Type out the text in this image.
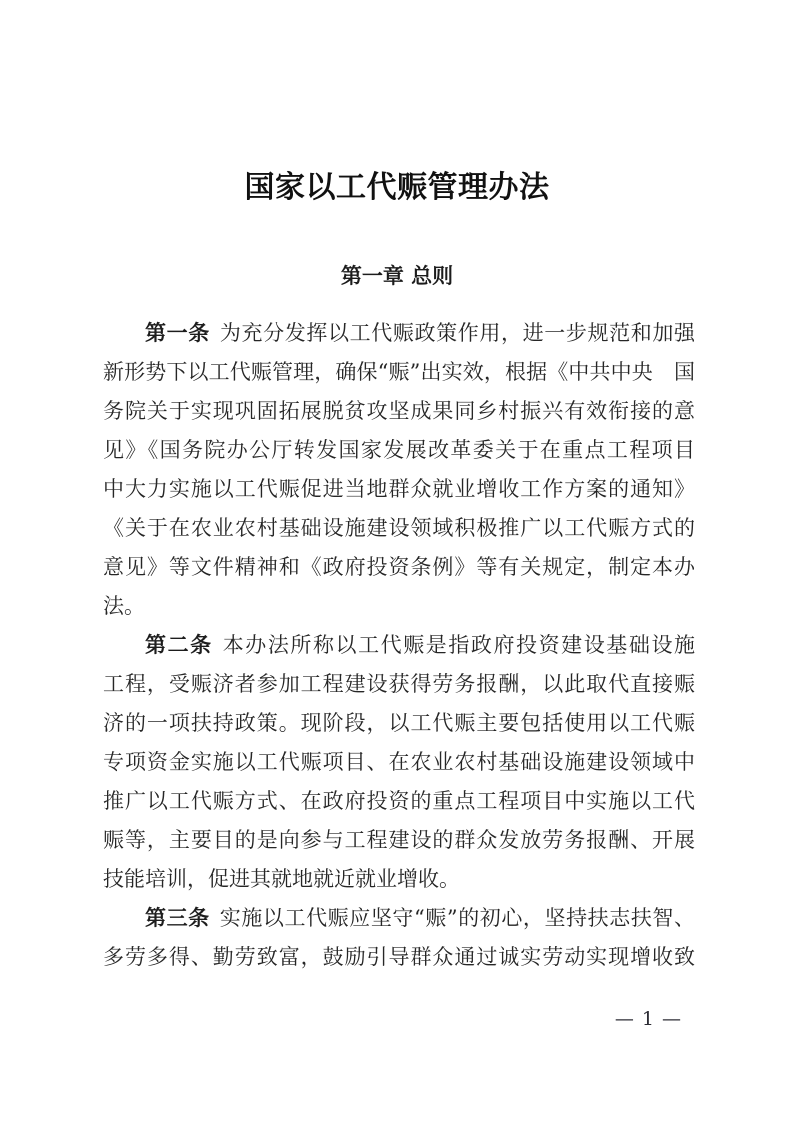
国家以工代赈管理办法
第一章 总则
第一条 为充分发挥以工代赈政策作用，进一步规范和加强
新形势下以工代赈管理，确保“赈”出实效，根据《中共中央　国
务院关于实现巩固拓展脱贫攻坚成果同乡村振兴有效衔接的意
见》《国务院办公厅转发国家发展改革委关于在重点工程项目
中大力实施以工代赈促进当地群众就业增收工作方案的通知》
《关于在农业农村基础设施建设领域积极推广以工代赈方式的
意见》等文件精神和《政府投资条例》等有关规定，制定本办
法。
第二条 本办法所称以工代赈是指政府投资建设基础设施
工程，受赈济者参加工程建设获得劳务报酬，以此取代直接赈
济的一项扶持政策。现阶段，以工代赈主要包括使用以工代赈
专项资金实施以工代赈项目、在农业农村基础设施建设领域中
推广以工代赈方式、在政府投资的重点工程项目中实施以工代
赈等，主要目的是向参与工程建设的群众发放劳务报酬、开展
技能培训，促进其就地就近就业增收。
第三条 实施以工代赈应坚守“赈”的初心，坚持扶志扶智、
多劳多得、勤劳致富，鼓励引导群众通过诚实劳动实现增收致
— 1 —
